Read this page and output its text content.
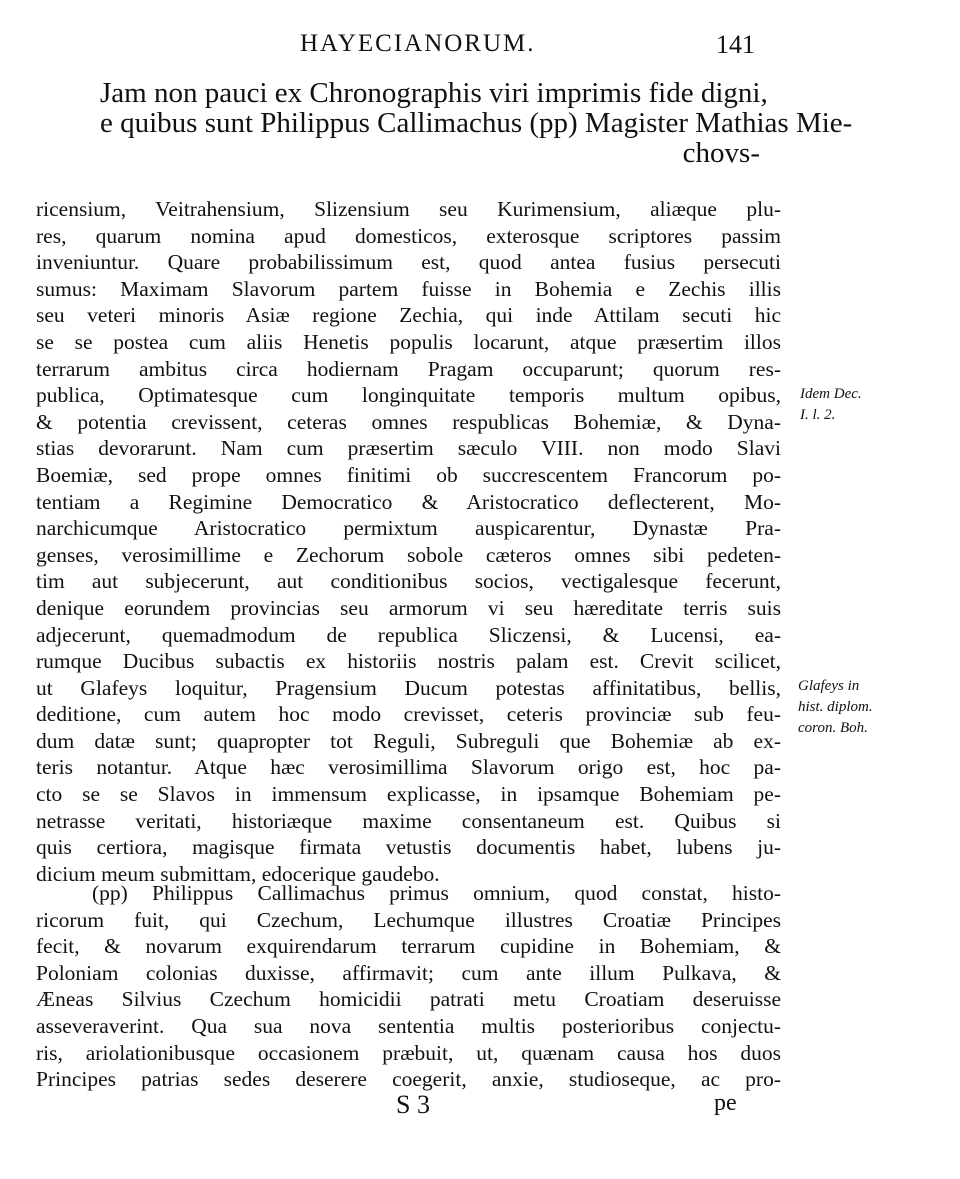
HAYECIANORUM.	141
Jam non pauci ex Chronographis viri imprimis fide digni,
e quibus sunt Philippus Callimachus (pp) Magister Mathias Mie-
chovs-
ricensium, Veitrahensium, Slizensium seu Kurimensium, aliæque plu-
res, quarum nomina apud domesticos, exterosque scriptores passim
inveniuntur. Quare probabilissimum est, quod antea fusius persecuti
sumus: Maximam Slavorum partem fuisse in Bohemia e Zechis illis
seu veteri minoris Asiæ regione Zechia, qui inde Attilam secuti hic
se se postea cum aliis Henetis populis locarunt, atque præsertim illos
terrarum ambitus circa hodiernam Pragam occuparunt; quorum res-
publica, Optimatesque cum longinquitate temporis multum opibus,
& potentia crevissent, ceteras omnes respublicas Bohemiæ, & Dyna-
stias devorarunt. Nam cum præsertim sæculo VIII. non modo Slavi
Boemiæ, sed prope omnes finitimi ob succrescentem Francorum po-
tentiam a Regimine Democratico & Aristocratico deflecterent, Mo-
narchicumque Aristocratico permixtum auspicarentur, Dynastæ Pra-
genses, verosimillime e Zechorum sobole cæteros omnes sibi pedeten-
tim aut subjecerunt, aut conditionibus socios, vectigalesque fecerunt,
denique eorundem provincias seu armorum vi seu hæreditate terris suis
adjecerunt, quemadmodum de republica Sliczensi, & Lucensi, ea-
rumque Ducibus subactis ex historiis nostris palam est. Crevit scilicet,
ut Glafeys loquitur, Pragensium Ducum potestas affinitatibus, bellis,
deditione, cum autem hoc modo crevisset, ceteris provinciæ sub feu-
dum datæ sunt; quapropter tot Reguli, Subreguli que Bohemiæ ab ex-
teris notantur. Atque hæc verosimillima Slavorum origo est, hoc pa-
cto se se Slavos in immensum explicasse, in ipsamque Bohemiam pe-
netrasse veritati, historiæque maxime consentaneum est. Quibus si
quis certiora, magisque firmata vetustis documentis habet, lubens ju-
dicium meum submittam, edocerique gaudebo.
(pp) Philippus Callimachus primus omnium, quod constat, histo-
ricorum fuit, qui Czechum, Lechumque illustres Croatiæ Principes
fecit, & novarum exquirendarum terrarum cupidine in Bohemiam, &
Poloniam colonias duxisse, affirmavit; cum ante illum Pulkava, &
Æneas Silvius Czechum homicidii patrati metu Croatiam deseruisse
asseveraverint. Qua sua nova sententia multis posterioribus conjectu-
ris, ariolationibusque occasionem præbuit, ut, quænam causa hos duos
Principes patrias sedes deserere coegerit, anxie, studioseque, ac pro-
Idem Dec.
I. l. 2.
Glafeys in
hist. diplom.
coron. Boh.
S 3	pe
